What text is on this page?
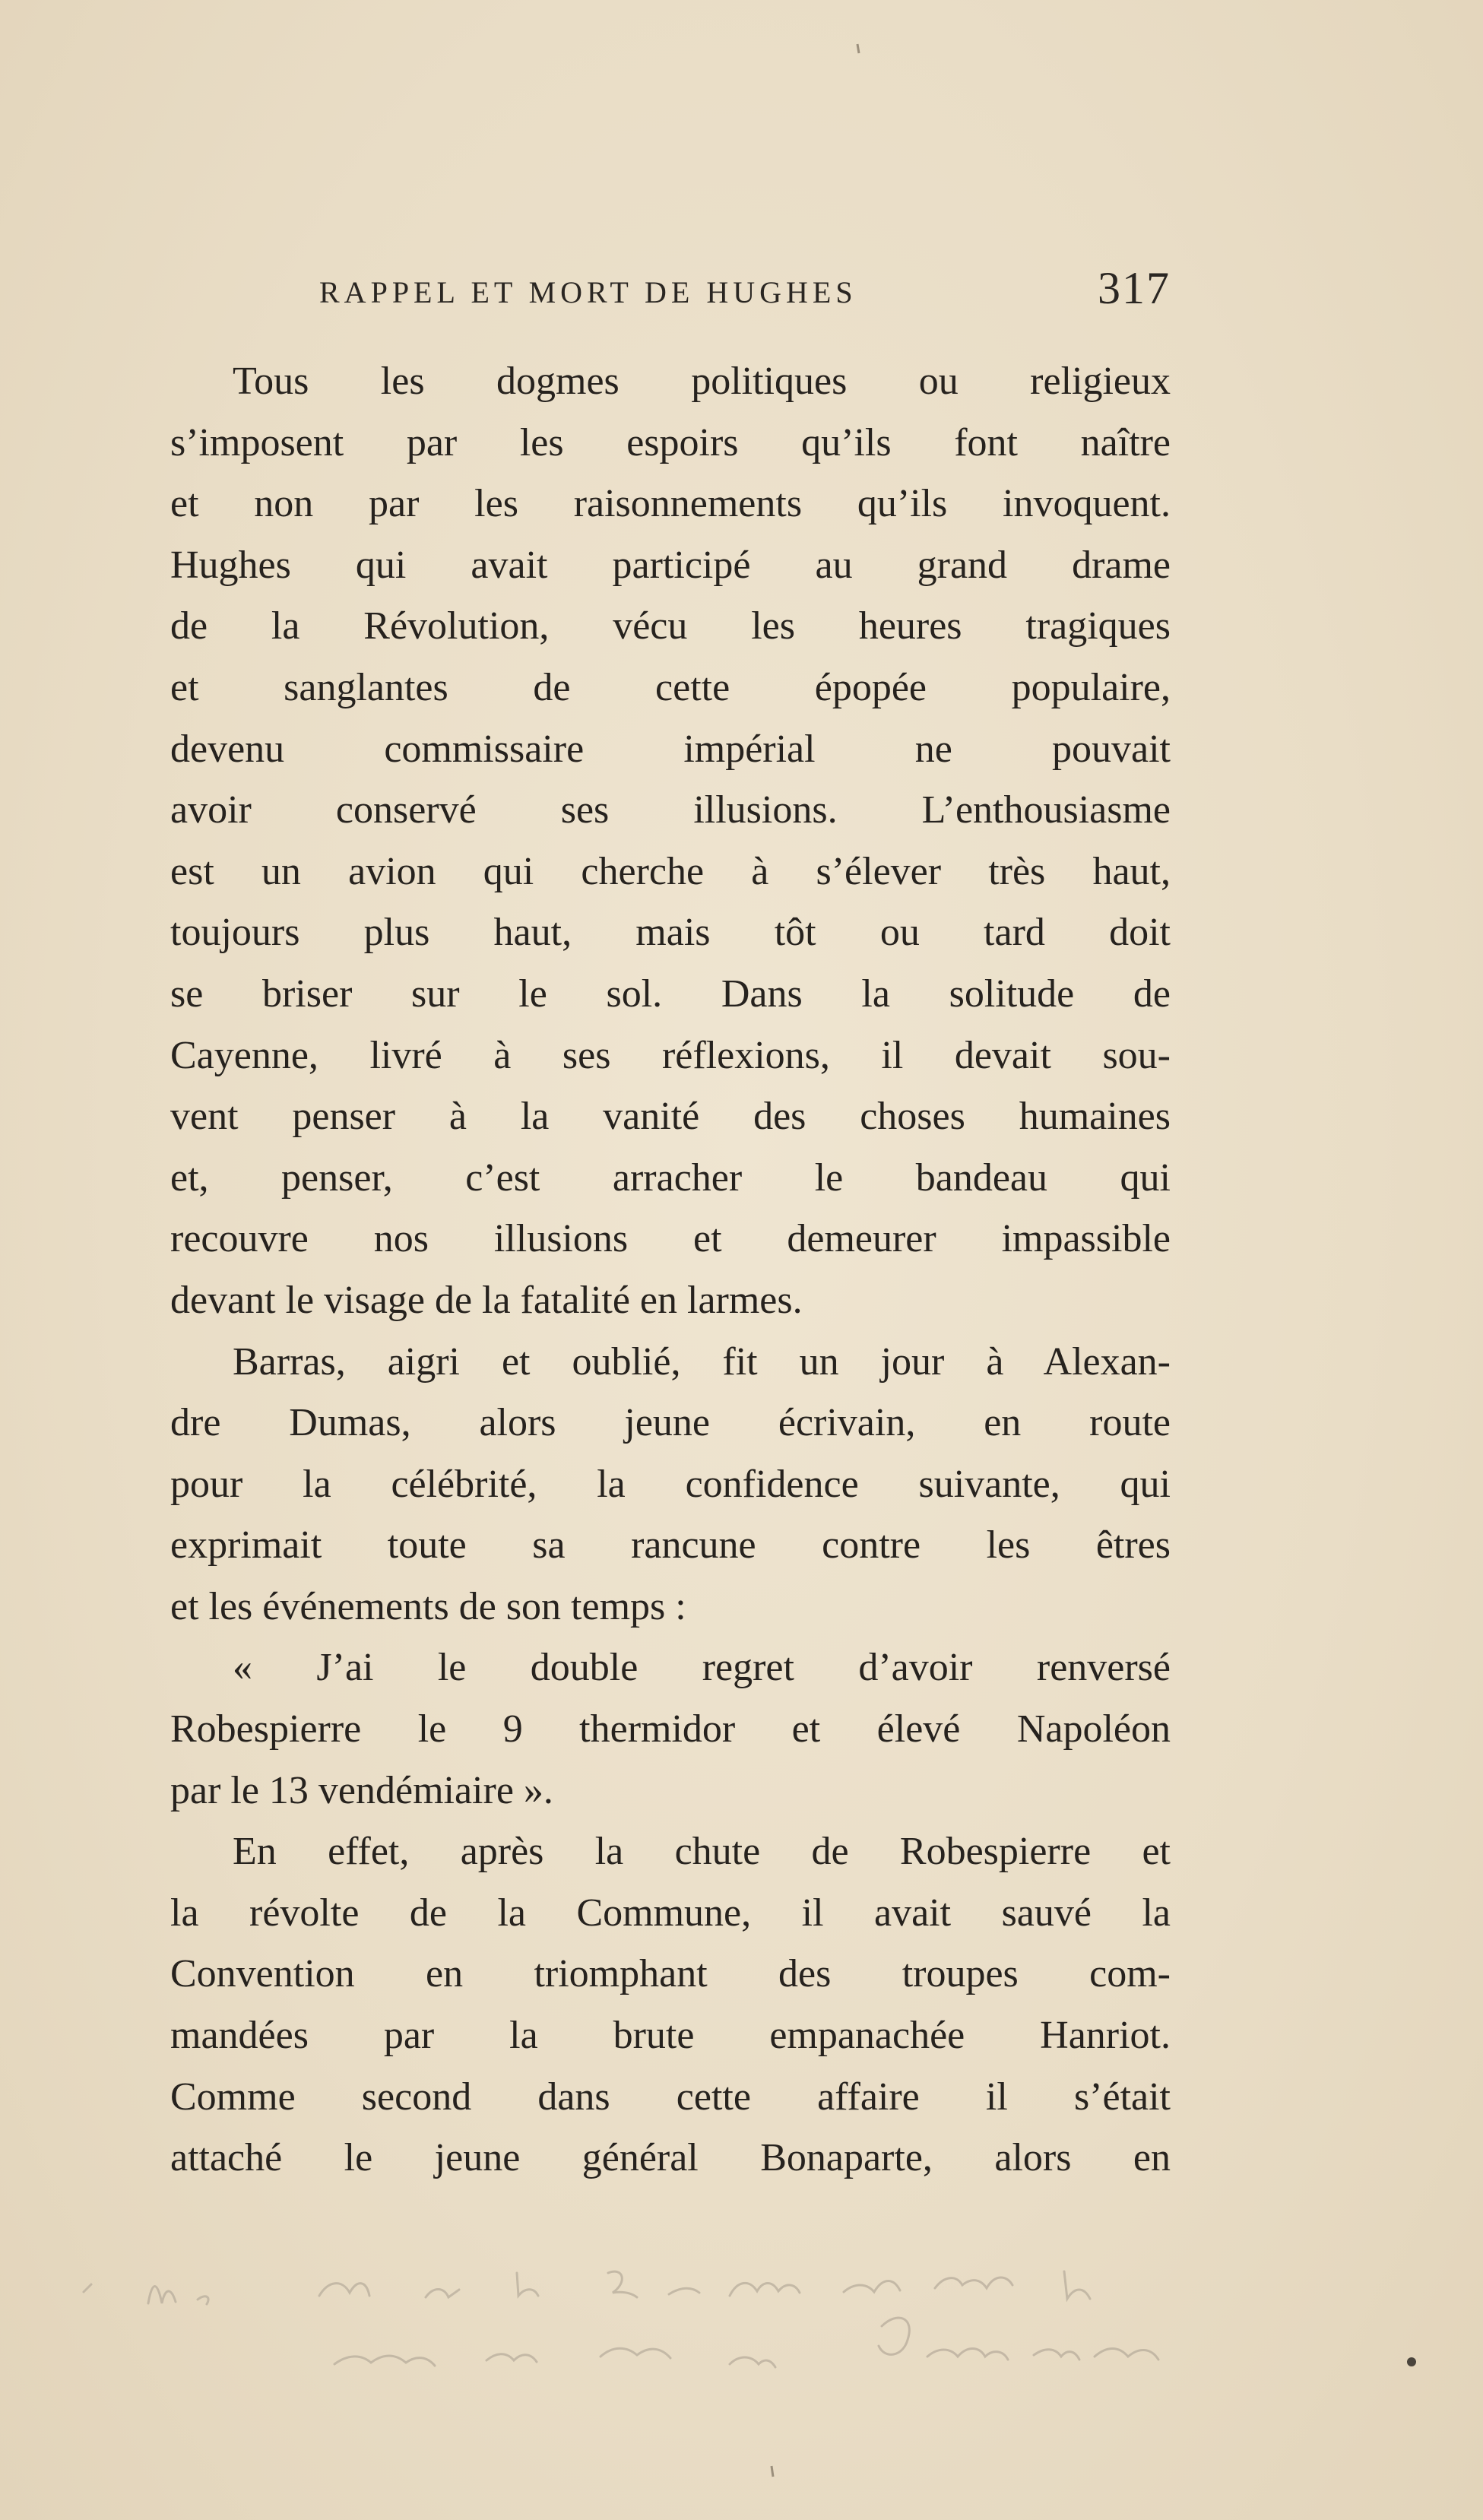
RAPPEL ET MORT DE HUGHES	317

Tous les dogmes politiques ou religieux
s’imposent par les espoirs qu’ils font naître
et non par les raisonnements qu’ils invoquent.
Hughes qui avait participé au grand drame
de la Révolution, vécu les heures tragiques
et sanglantes de cette épopée populaire,
devenu commissaire impérial ne pouvait
avoir conservé ses illusions. L’enthousiasme
est un avion qui cherche à s’élever très haut,
toujours plus haut, mais tôt ou tard doit
se briser sur le sol. Dans la solitude de
Cayenne, livré à ses réflexions, il devait sou-
vent penser à la vanité des choses humaines
et, penser, c’est arracher le bandeau qui
recouvre nos illusions et demeurer impassible
devant le visage de la fatalité en larmes.

Barras, aigri et oublié, fit un jour à Alexan-
dre Dumas, alors jeune écrivain, en route
pour la célébrité, la confidence suivante, qui
exprimait toute sa rancune contre les êtres
et les événements de son temps :

« J’ai le double regret d’avoir renversé
Robespierre le 9 thermidor et élevé Napoléon
par le 13 vendémiaire ».

En effet, après la chute de Robespierre et
la révolte de la Commune, il avait sauvé la
Convention en triomphant des troupes com-
mandées par la brute empanachée Hanriot.
Comme second dans cette affaire il s’était
attaché le jeune général Bonaparte, alors en
